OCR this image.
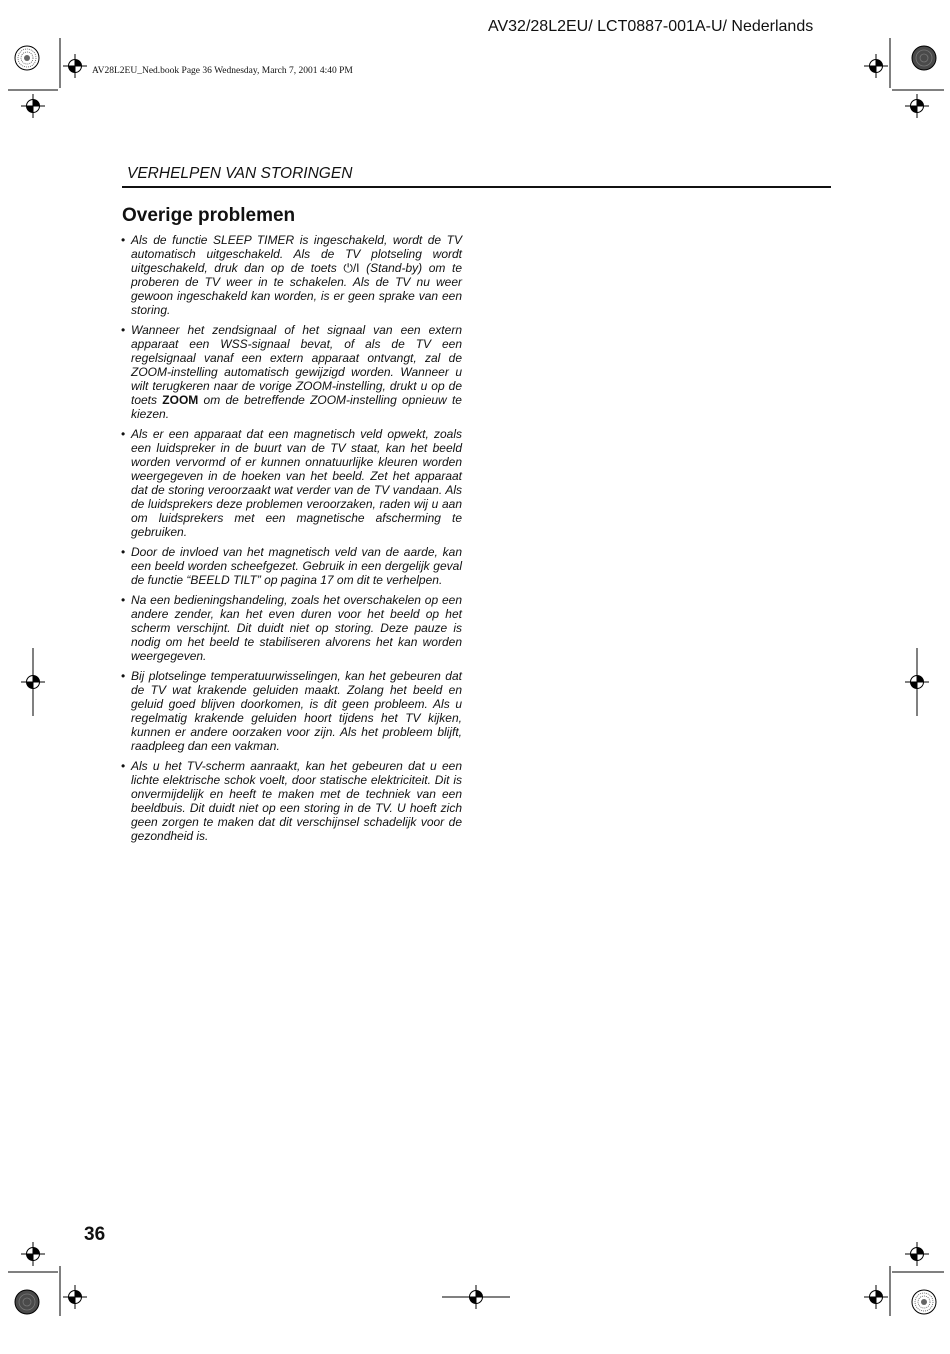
AV32/28L2EU/ LCT0887-001A-U/ Nederlands
AV28L2EU_Ned.book Page 36 Wednesday, March 7, 2001 4:40 PM
VERHELPEN VAN STORINGEN
Overige problemen
• Als de functie SLEEP TIMER is ingeschakeld, wordt de TV automatisch uitgeschakeld. Als de TV plotseling wordt uitgeschakeld, druk dan op de toets ⏻/I (Stand-by) om te proberen de TV weer in te schakelen. Als de TV nu weer gewoon ingeschakeld kan worden, is er geen sprake van een storing.
• Wanneer het zendsignaal of het signaal van een extern apparaat een WSS-signaal bevat, of als de TV een regelsignaal vanaf een extern apparaat ontvangt, zal de ZOOM-instelling automatisch gewijzigd worden. Wanneer u wilt terugkeren naar de vorige ZOOM-instelling, drukt u op de toets ZOOM om de betreffende ZOOM-instelling opnieuw te kiezen.
• Als er een apparaat dat een magnetisch veld opwekt, zoals een luidspreker in de buurt van de TV staat, kan het beeld worden vervormd of er kunnen onnatuurlijke kleuren worden weergegeven in de hoeken van het beeld. Zet het apparaat dat de storing veroorzaakt wat verder van de TV vandaan. Als de luidsprekers deze problemen veroorzaken, raden wij u aan om luidsprekers met een magnetische afscherming te gebruiken.
• Door de invloed van het magnetisch veld van de aarde, kan een beeld worden scheefgezet. Gebruik in een dergelijk geval de functie “BEELD TILT” op pagina 17 om dit te verhelpen.
• Na een bedieningshandeling, zoals het overschakelen op een andere zender, kan het even duren voor het beeld op het scherm verschijnt. Dit duidt niet op storing. Deze pauze is nodig om het beeld te stabiliseren alvorens het kan worden weergegeven.
• Bij plotselinge temperatuurwisselingen, kan het gebeuren dat de TV wat krakende geluiden maakt. Zolang het beeld en geluid goed blijven doorkomen, is dit geen probleem. Als u regelmatig krakende geluiden hoort tijdens het TV kijken, kunnen er andere oorzaken voor zijn. Als het probleem blijft, raadpleeg dan een vakman.
• Als u het TV-scherm aanraakt, kan het gebeuren dat u een lichte elektrische schok voelt, door statische elektriciteit. Dit is onvermijdelijk en heeft te maken met de techniek van een beeldbuis. Dit duidt niet op een storing in de TV. U hoeft zich geen zorgen te maken dat dit verschijnsel schadelijk voor de gezondheid is.
36
